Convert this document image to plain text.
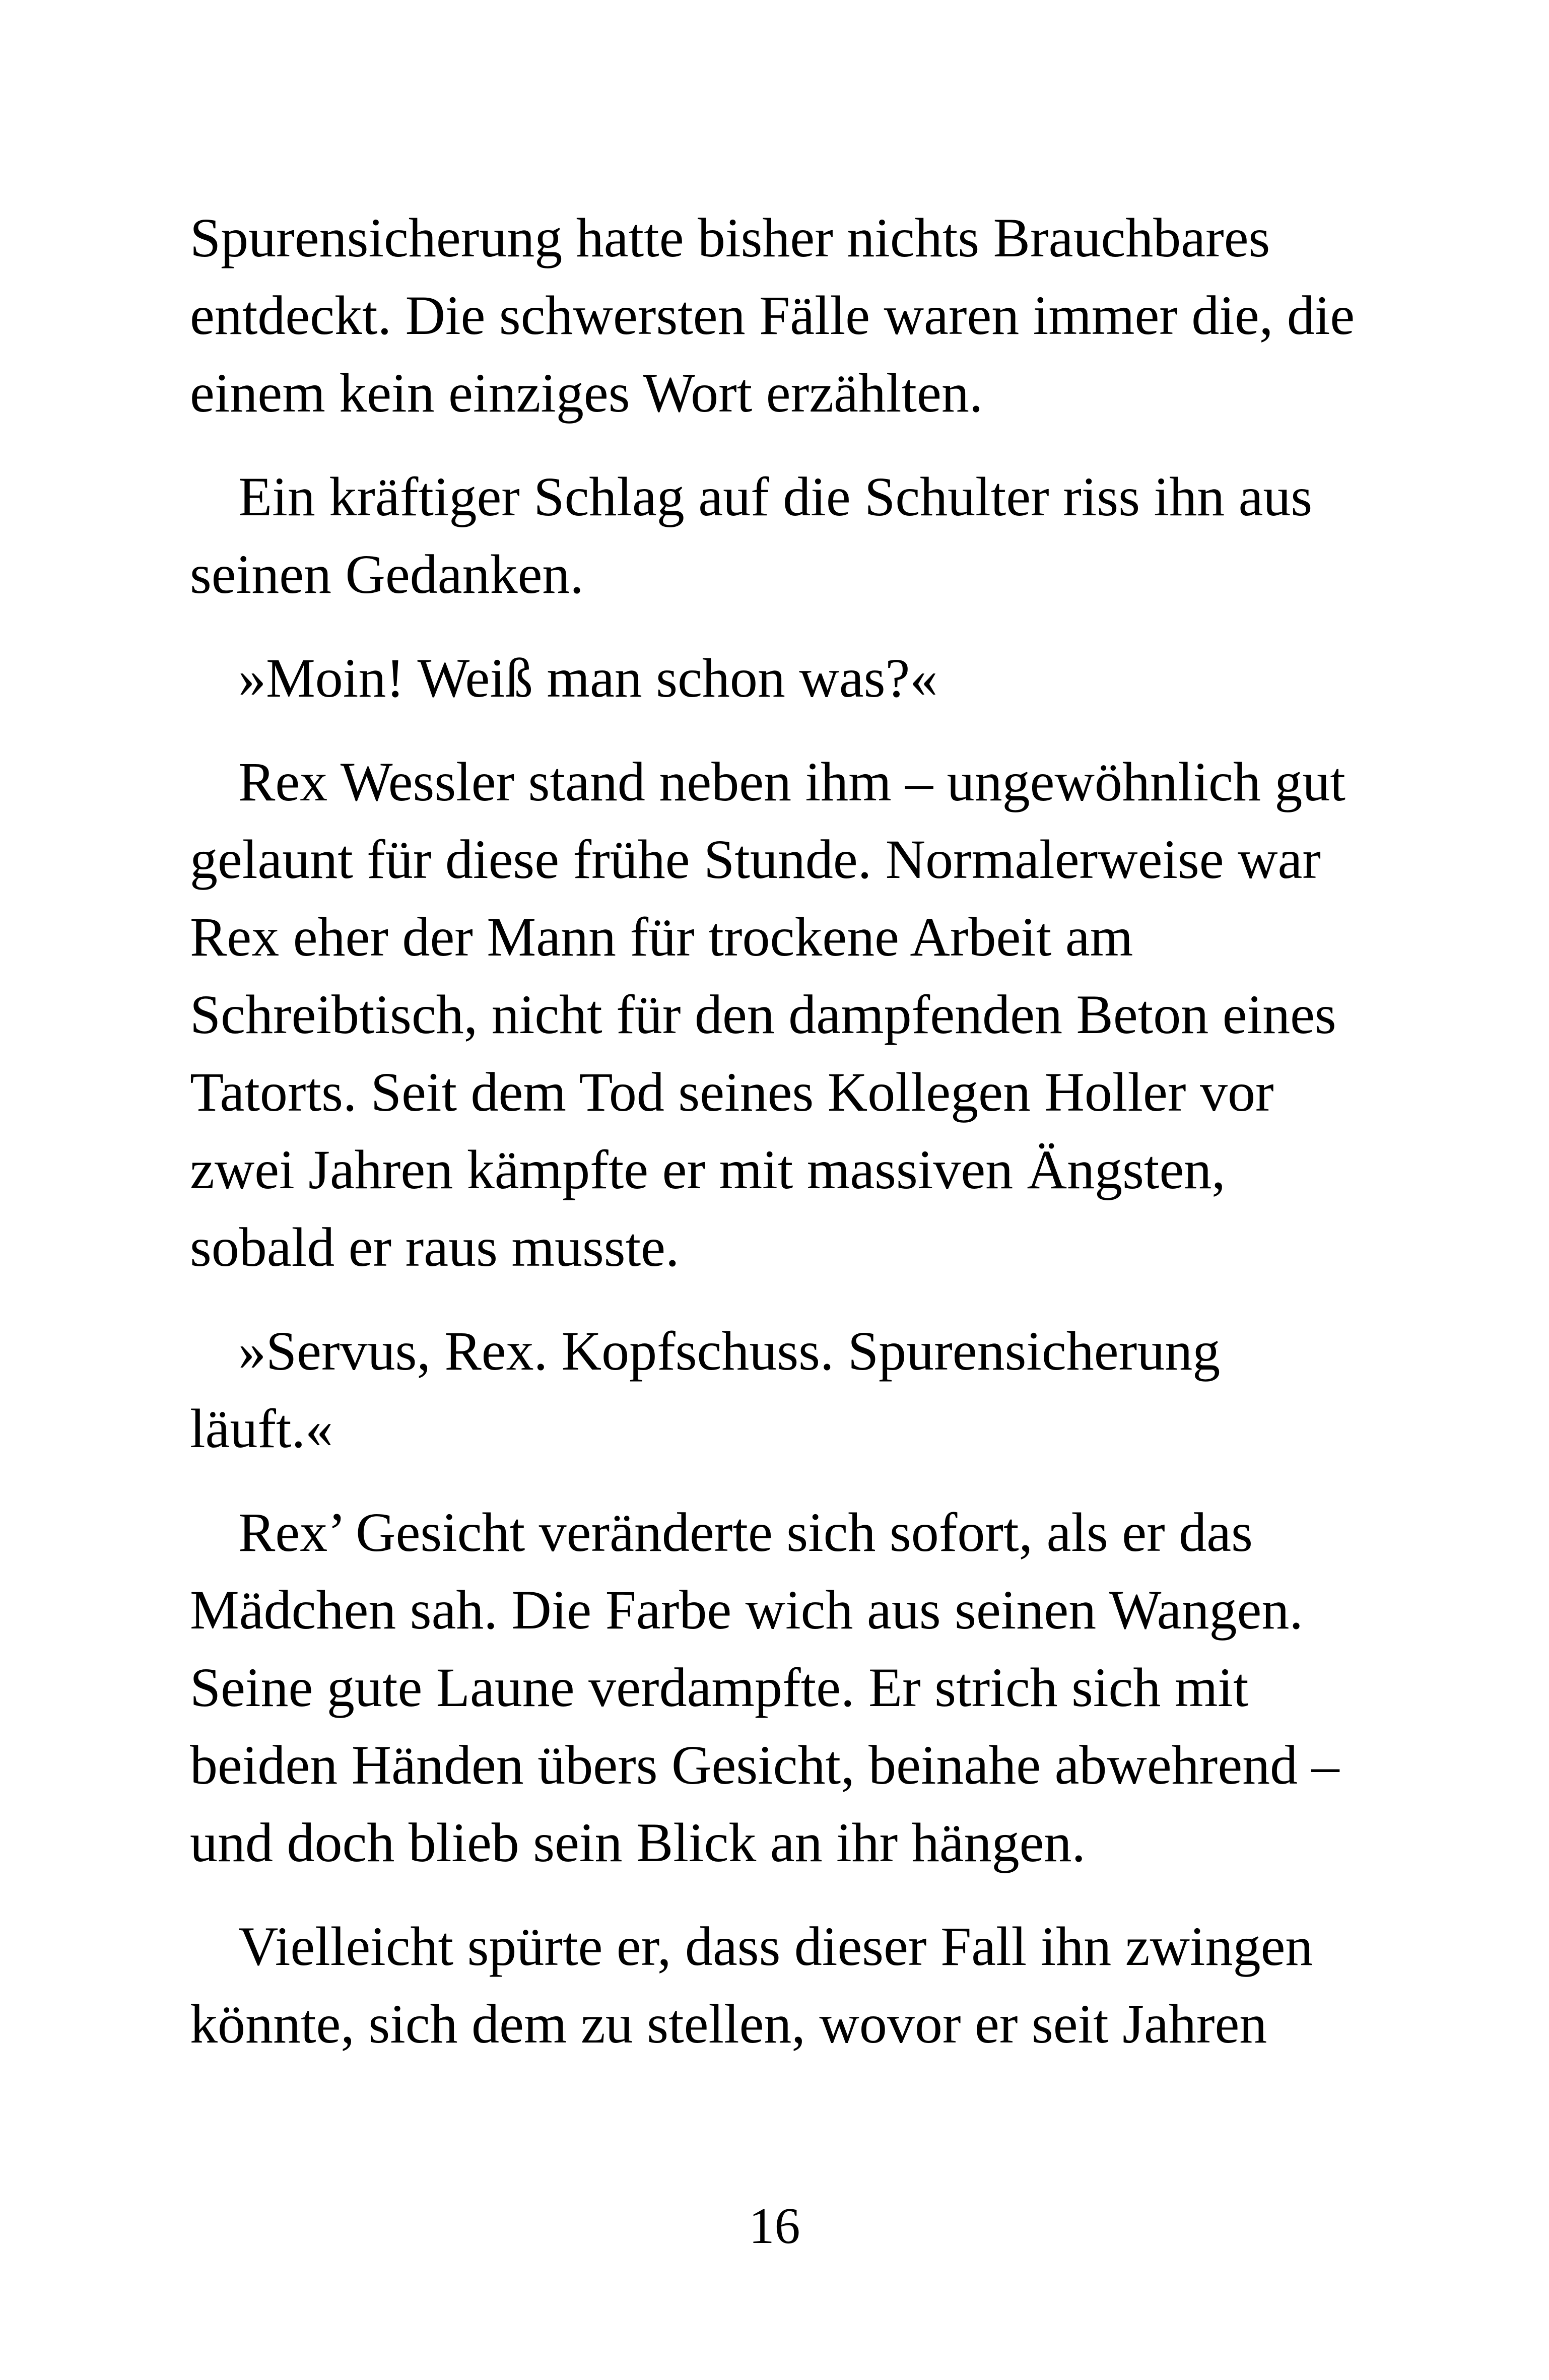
Spurensicherung hatte bisher nichts Brauchbares
entdeckt. Die schwersten Fälle waren immer die, die
einem kein einziges Wort erzählten.

Ein kräftiger Schlag auf die Schulter riss ihn aus
seinen Gedanken.

»Moin! Weiß man schon was?«

Rex Wessler stand neben ihm – ungewöhnlich gut
gelaunt für diese frühe Stunde. Normalerweise war
Rex eher der Mann für trockene Arbeit am
Schreibtisch, nicht für den dampfenden Beton eines
Tatorts. Seit dem Tod seines Kollegen Holler vor
zwei Jahren kämpfte er mit massiven Ängsten,
sobald er raus musste.

»Servus, Rex. Kopfschuss. Spurensicherung
läuft.«

Rex’ Gesicht veränderte sich sofort, als er das
Mädchen sah. Die Farbe wich aus seinen Wangen.
Seine gute Laune verdampfte. Er strich sich mit
beiden Händen übers Gesicht, beinahe abwehrend –
und doch blieb sein Blick an ihr hängen.

Vielleicht spürte er, dass dieser Fall ihn zwingen
könnte, sich dem zu stellen, wovor er seit Jahren

16
